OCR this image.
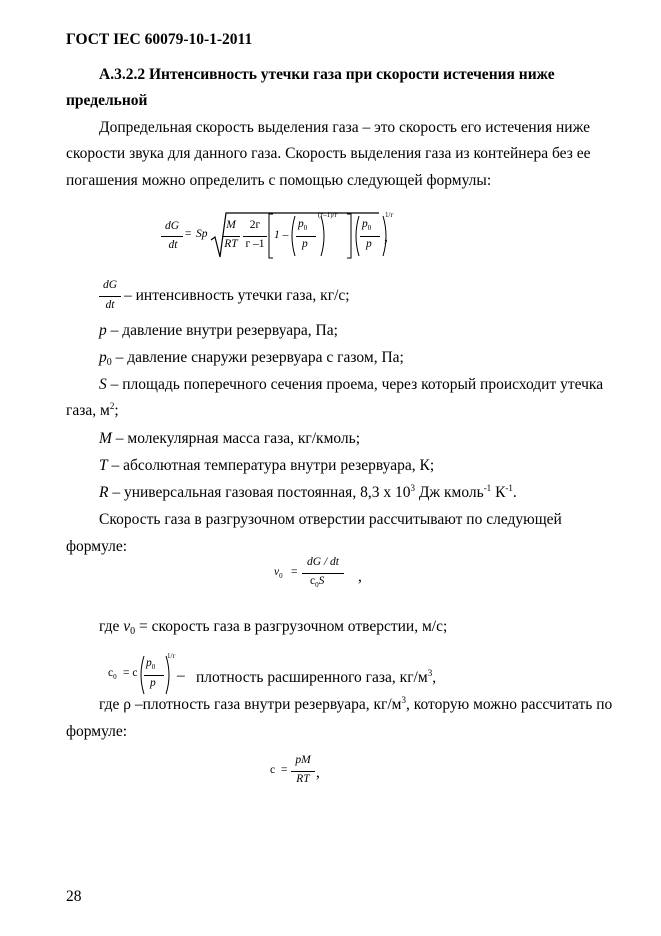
ГОСТ IEC 60079-10-1-2011
А.3.2.2 Интенсивность утечки газа при скорости истечения ниже
предельной
Допредельная скорость выделения газа – это скорость его истечения ниже
скорости звука для данного газа. Скорость выделения газа из контейнера без ее
погашения можно определить с помощью следующей формулы:
dG
dt
= Sp
M
RT
2г
г –1
1 –
$p_0$
p
(г–1)/г
$p_0$
p
1/г
,
dG
dt
– интенсивность утечки газа, кг/с;
p – давление внутри резервуара, Па;
$p_0$ – давление снаружи резервуара с газом, Па;
S – площадь поперечного сечения проема, через который происходит утечка
газа, $м^2$;
M – молекулярная масса газа, кг/кмоль;
T – абсолютная температура внутри резервуара, К;
R – универсальная газовая постоянная, 8,3 х $10^3$ Дж кмоль$^{-1}$ $К^{-1}$.
Скорость газа в разгрузочном отверстии рассчитывают по следующей
формуле:
$v_0$ =
dG / dt
$с_0S$ ,
где $v_0$ = скорость газа в разгрузочном отверстии, м/с;
$с_0 = с$
$p_0$
p
1/г
– плотность расширенного газа, $кг/м^3$,
где ρ –плотность газа внутри резервуара, $кг/м^3$, которую можно рассчитать по
формуле:
с =
pM
RT ,
28
